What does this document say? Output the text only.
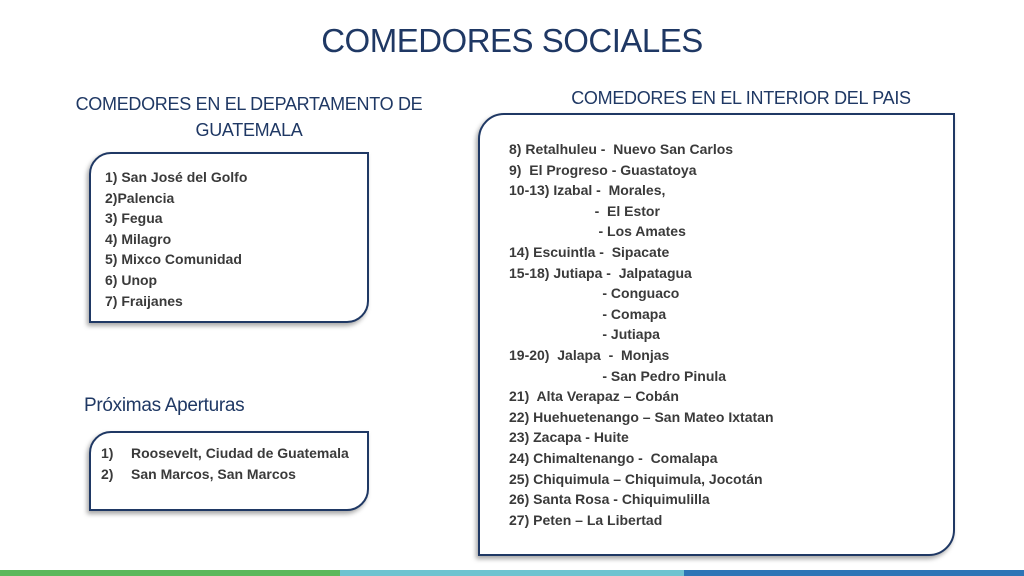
COMEDORES SOCIALES
COMEDORES EN EL DEPARTAMENTO DE GUATEMALA
1) San José del Golfo
2)Palencia
3) Fegua
4) Milagro
5) Mixco Comunidad
6) Unop
7) Fraijanes
COMEDORES EN EL INTERIOR DEL PAIS
8) Retalhuleu -  Nuevo San Carlos
9)  El Progreso - Guastatoya
10-13) Izabal -  Morales,
-  El Estor
- Los Amates
14) Escuintla -  Sipacate
15-18) Jutiapa -  Jalpatagua
- Conguaco
- Comapa
- Jutiapa
19-20)  Jalapa  -  Monjas
- San Pedro Pinula
21)  Alta Verapaz – Cobán
22) Huehuetenango – San Mateo Ixtatan
23) Zacapa - Huite
24) Chimaltenango -  Comalapa
25) Chiquimula – Chiquimula, Jocotán
26) Santa Rosa - Chiquimulilla
27) Peten – La Libertad
Próximas Aperturas
1)	Roosevelt, Ciudad de Guatemala
2)	San Marcos, San Marcos
